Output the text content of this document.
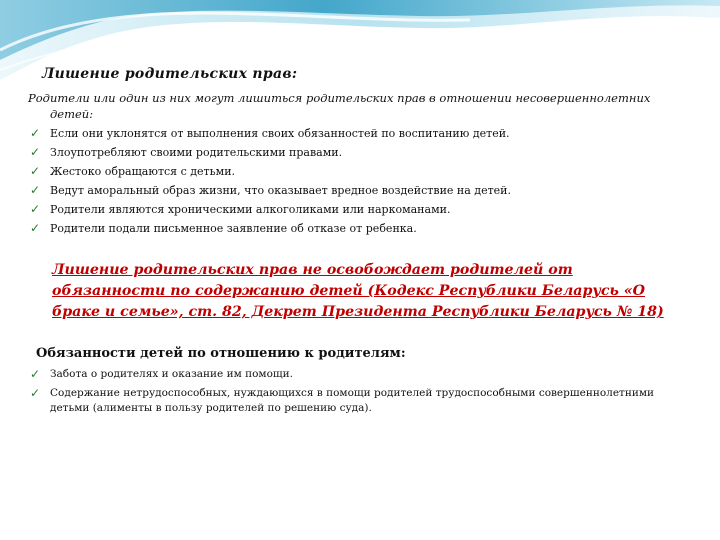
Лишение родительских прав:
Родители или один из них могут лишиться родительских прав в отношении несовершеннолетних
детей:
✓ Если они уклонятся от выполнения своих обязанностей по воспитанию детей.
✓ Злоупотребляют своими родительскими правами.
✓ Жестоко обращаются с детьми.
✓ Ведут аморальный образ жизни, что оказывает вредное воздействие на детей.
✓ Родители являются хроническими алкоголиками или наркоманами.
✓ Родители подали письменное заявление об отказе от ребенка.
Лишение родительских прав не освобождает родителей от
обязанности по содержанию детей (Кодекс Республики Беларусь «О
браке и семье», ст. 82, Декрет Президента Республики Беларусь № 18)
Обязанности детей по отношению к родителям:
✓ Забота о родителях и оказание им помощи.
✓ Содержание нетрудоспособных, нуждающихся в помощи родителей трудоспособными совершеннолетними детьми (алименты в пользу родителей по решению суда).
